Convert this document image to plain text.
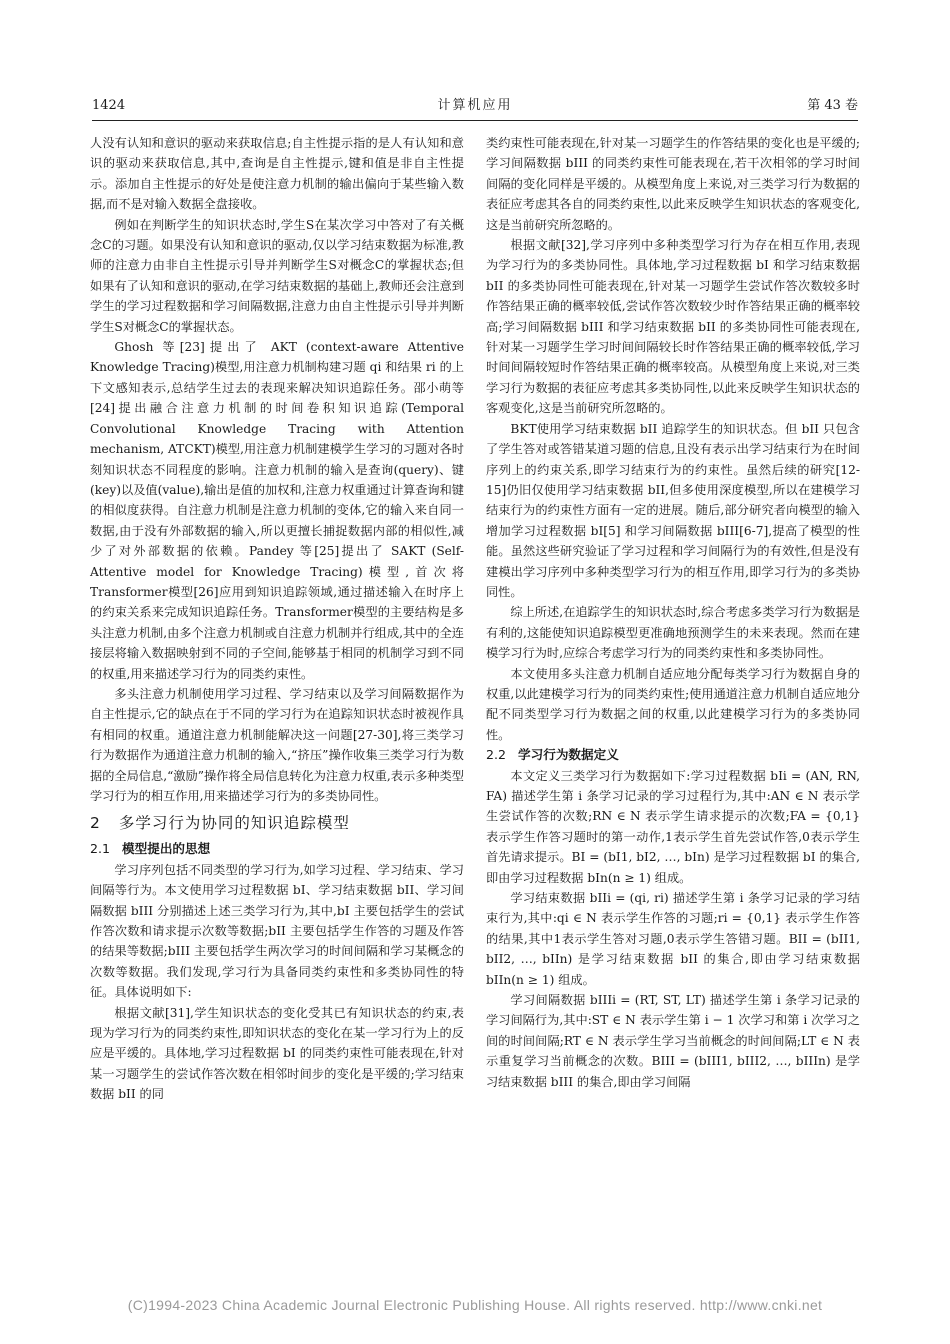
1424	计算机应用	第 43 卷

人没有认知和意识的驱动来获取信息;自主性提示指的是人有认知和意识的驱动来获取信息,其中,查询是自主性提示,键和值是非自主性提示。添加自主性提示的好处是使注意力机制的输出偏向于某些输入数据,而不是对输入数据全盘接收。

例如在判断学生的知识状态时,学生S在某次学习中答对了有关概念C的习题。如果没有认知和意识的驱动,仅以学习结束数据为标准,教师的注意力由非自主性提示引导并判断学生S对概念C的掌握状态;但如果有了认知和意识的驱动,在学习结束数据的基础上,教师还会注意到学生的学习过程数据和学习间隔数据,注意力由自主性提示引导并判断学生S对概念C的掌握状态。

Ghosh 等[23]提出了 AKT (context-aware Attentive Knowledge Tracing)模型,用注意力机制构建习题 qi 和结果 ri 的上下文感知表示,总结学生过去的表现来解决知识追踪任务。邵小萌等[24]提出融合注意力机制的时间卷积知识追踪(Temporal Convolutional Knowledge Tracing with Attention mechanism, ATCKT)模型,用注意力机制建模学生学习的习题对各时刻知识状态不同程度的影响。注意力机制的输入是查询(query)、键(key)以及值(value),输出是值的加权和,注意力权重通过计算查询和键的相似度获得。自注意力机制是注意力机制的变体,它的输入来自同一数据,由于没有外部数据的输入,所以更擅长捕捉数据内部的相似性,减少了对外部数据的依赖。Pandey 等[25]提出了 SAKT (Self-Attentive model for Knowledge Tracing)模型,首次将Transformer模型[26]应用到知识追踪领域,通过描述输入在时序上的约束关系来完成知识追踪任务。Transformer模型的主要结构是多头注意力机制,由多个注意力机制或自注意力机制并行组成,其中的全连接层将输入数据映射到不同的子空间,能够基于相同的机制学习到不同的权重,用来描述学习行为的同类约束性。

多头注意力机制使用学习过程、学习结束以及学习间隔数据作为自主性提示,它的缺点在于不同的学习行为在追踪知识状态时被视作具有相同的权重。通道注意力机制能解决这一问题[27-30],将三类学习行为数据作为通道注意力机制的输入,“挤压”操作收集三类学习行为数据的全局信息,“激励”操作将全局信息转化为注意力权重,表示多种类型学习行为的相互作用,用来描述学习行为的多类协同性。

2 多学习行为协同的知识追踪模型
2.1 模型提出的思想

学习序列包括不同类型的学习行为,如学习过程、学习结束、学习间隔等行为。本文使用学习过程数据 bI、学习结束数据 bII、学习间隔数据 bIII 分别描述上述三类学习行为,其中,bI 主要包括学生的尝试作答次数和请求提示次数等数据;bII 主要包括学生作答的习题及作答的结果等数据;bIII 主要包括学生两次学习的时间间隔和学习某概念的次数等数据。我们发现,学习行为具备同类约束性和多类协同性的特征。具体说明如下:

根据文献[31],学生知识状态的变化受其已有知识状态的约束,表现为学习行为的同类约束性,即知识状态的变化在某一学习行为上的反应是平缓的。具体地,学习过程数据 bI 的同类约束性可能表现在,针对某一习题学生的尝试作答次数在相邻时间步的变化是平缓的;学习结束数据 bII 的同

类约束性可能表现在,针对某一习题学生的作答结果的变化也是平缓的;学习间隔数据 bIII 的同类约束性可能表现在,若干次相邻的学习时间间隔的变化同样是平缓的。从模型角度上来说,对三类学习行为数据的表征应考虑其各自的同类约束性,以此来反映学生知识状态的客观变化,这是当前研究所忽略的。

根据文献[32],学习序列中多种类型学习行为存在相互作用,表现为学习行为的多类协同性。具体地,学习过程数据 bI 和学习结束数据 bII 的多类协同性可能表现在,针对某一习题学生尝试作答次数较多时作答结果正确的概率较低,尝试作答次数较少时作答结果正确的概率较高;学习间隔数据 bIII 和学习结束数据 bII 的多类协同性可能表现在,针对某一习题学生学习时间间隔较长时作答结果正确的概率较低,学习时间间隔较短时作答结果正确的概率较高。从模型角度上来说,对三类学习行为数据的表征应考虑其多类协同性,以此来反映学生知识状态的客观变化,这是当前研究所忽略的。

BKT使用学习结束数据 bII 追踪学生的知识状态。但 bII 只包含了学生答对或答错某道习题的信息,且没有表示出学习结束行为在时间序列上的约束关系,即学习结束行为的约束性。虽然后续的研究[12-15]仍旧仅使用学习结束数据 bII,但多使用深度模型,所以在建模学习结束行为的约束性方面有一定的进展。随后,部分研究者向模型的输入增加学习过程数据 bI[5] 和学习间隔数据 bIII[6-7],提高了模型的性能。虽然这些研究验证了学习过程和学习间隔行为的有效性,但是没有建模出学习序列中多种类型学习行为的相互作用,即学习行为的多类协同性。

综上所述,在追踪学生的知识状态时,综合考虑多类学习行为数据是有利的,这能使知识追踪模型更准确地预测学生的未来表现。然而在建模学习行为时,应综合考虑学习行为的同类约束性和多类协同性。

本文使用多头注意力机制自适应地分配每类学习行为数据自身的权重,以此建模学习行为的同类约束性;使用通道注意力机制自适应地分配不同类型学习行为数据之间的权重,以此建模学习行为的多类协同性。

2.2 学习行为数据定义

本文定义三类学习行为数据如下:学习过程数据 bIi = (AN, RN, FA) 描述学生第 i 条学习记录的学习过程行为,其中:AN ∈ N 表示学生尝试作答的次数;RN ∈ N 表示学生请求提示的次数;FA = {0,1} 表示学生作答习题时的第一动作,1表示学生首先尝试作答,0表示学生首先请求提示。BI = (bI1, bI2, …, bIn) 是学习过程数据 bI 的集合,即由学习过程数据 bIn(n ≥ 1) 组成。

学习结束数据 bIIi = (qi, ri) 描述学生第 i 条学习记录的学习结束行为,其中:qi ∈ N 表示学生作答的习题;ri = {0,1} 表示学生作答的结果,其中1表示学生答对习题,0表示学生答错习题。BII = (bII1, bII2, …, bIIn) 是学习结束数据 bII 的集合,即由学习结束数据 bIIn(n ≥ 1) 组成。

学习间隔数据 bIIIi = (RT, ST, LT) 描述学生第 i 条学习记录的学习间隔行为,其中:ST ∈ N 表示学生第 i − 1 次学习和第 i 次学习之间的时间间隔;RT ∈ N 表示学生学习当前概念的时间间隔;LT ∈ N 表示重复学习当前概念的次数。BIII = (bIII1, bIII2, …, bIIIn) 是学习结束数据 bIII 的集合,即由学习间隔

(C)1994-2023 China Academic Journal Electronic Publishing House. All rights reserved. http://www.cnki.net
